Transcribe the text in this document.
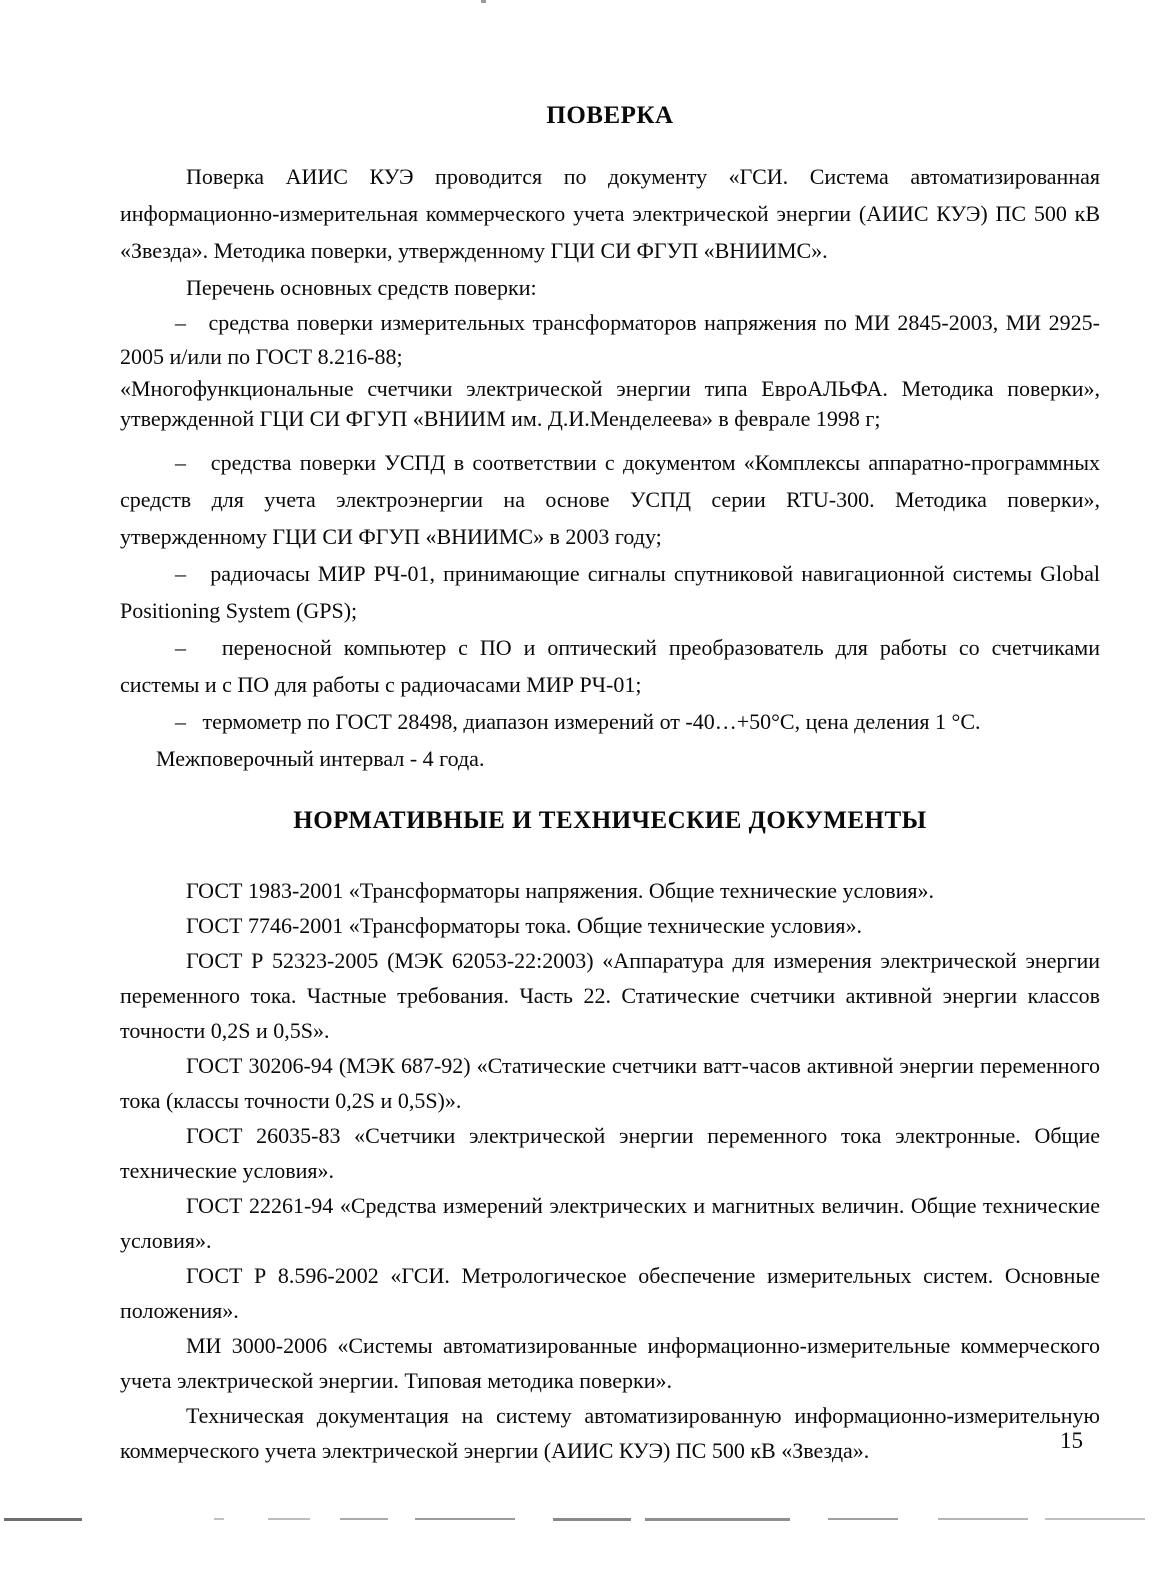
ПОВЕРКА

Поверка АИИС КУЭ проводится по документу «ГСИ. Система автоматизированная информационно-измерительная коммерческого учета электрической энергии (АИИС КУЭ) ПС 500 кВ «Звезда». Методика поверки, утвержденному ГЦИ СИ ФГУП «ВНИИМС».

Перечень основных средств поверки:

–   средства поверки измерительных трансформаторов напряжения по МИ 2845-2003, МИ 2925-2005 и/или по ГОСТ 8.216-88;

«Многофункциональные счетчики электрической энергии типа ЕвроАЛЬФА. Методика поверки», утвержденной ГЦИ СИ ФГУП «ВНИИМ им. Д.И.Менделеева» в феврале 1998 г;

–   средства поверки УСПД в соответствии с документом «Комплексы аппаратно-программных средств для учета электроэнергии на основе УСПД серии RTU-300. Методика поверки», утвержденному ГЦИ СИ ФГУП «ВНИИМС» в 2003 году;

–   радиочасы МИР РЧ-01, принимающие сигналы спутниковой навигационной системы Global Positioning System (GPS);

–   переносной компьютер с ПО и оптический преобразователь для работы со счетчиками системы и с ПО для работы с радиочасами МИР РЧ-01;

–   термометр по ГОСТ 28498, диапазон измерений от -40…+50°С, цена деления 1 °С.

Межповерочный интервал - 4 года.

НОРМАТИВНЫЕ И ТЕХНИЧЕСКИЕ ДОКУМЕНТЫ

ГОСТ 1983-2001 «Трансформаторы напряжения. Общие технические условия».

ГОСТ 7746-2001 «Трансформаторы тока. Общие технические условия».

ГОСТ Р 52323-2005 (МЭК 62053-22:2003) «Аппаратура для измерения электрической энергии переменного тока. Частные требования. Часть 22. Статические счетчики активной энергии классов точности 0,2S и 0,5S».

ГОСТ 30206-94 (МЭК 687-92) «Статические счетчики ватт-часов активной энергии переменного тока (классы точности 0,2S и 0,5S)».

ГОСТ 26035-83 «Счетчики электрической энергии переменного тока электронные. Общие технические условия».

ГОСТ 22261-94 «Средства измерений электрических и магнитных величин. Общие технические условия».

ГОСТ Р 8.596-2002 «ГСИ. Метрологическое обеспечение измерительных систем. Основные положения».

МИ 3000-2006 «Системы автоматизированные информационно-измерительные коммерческого учета электрической энергии. Типовая методика поверки».

Техническая документация на систему автоматизированную информационно-измерительную коммерческого учета электрической энергии (АИИС КУЭ) ПС 500 кВ «Звезда».	15
